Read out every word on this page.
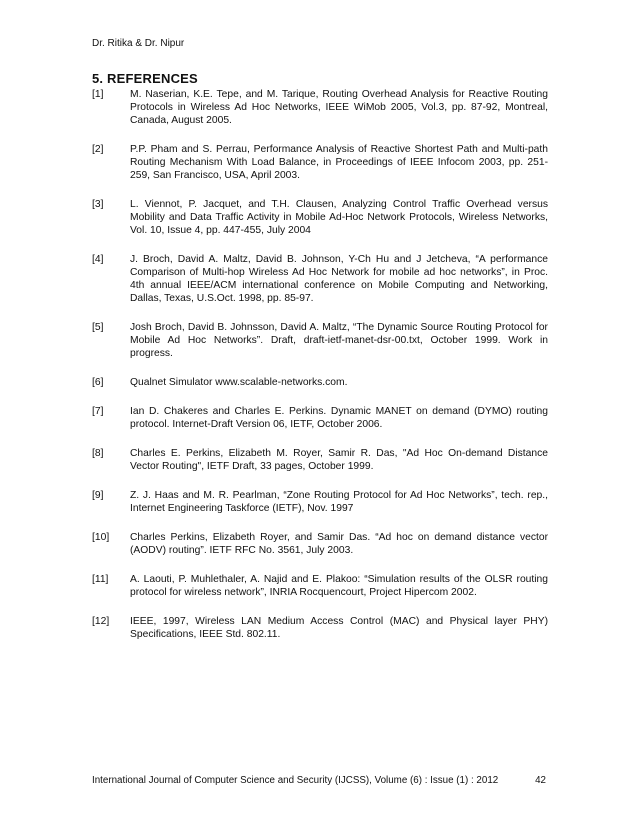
Dr. Ritika & Dr. Nipur
5. REFERENCES
[1]	M. Naserian, K.E. Tepe, and M. Tarique, Routing Overhead Analysis for Reactive Routing Protocols in Wireless Ad Hoc Networks, IEEE WiMob 2005, Vol.3, pp. 87-92, Montreal, Canada, August 2005.
[2]	P.P. Pham and S. Perrau, Performance Analysis of Reactive Shortest Path and Multi-path Routing Mechanism With Load Balance, in Proceedings of IEEE Infocom 2003, pp. 251-259, San Francisco, USA, April 2003.
[3]	L. Viennot, P. Jacquet, and T.H. Clausen, Analyzing Control Traffic Overhead versus Mobility and Data Traffic Activity in Mobile Ad-Hoc Network Protocols, Wireless Networks, Vol. 10, Issue 4, pp. 447-455, July 2004
[4]	J. Broch, David A. Maltz, David B. Johnson, Y-Ch Hu and J Jetcheva, “A performance Comparison of Multi-hop Wireless Ad Hoc Network for mobile ad hoc networks”, in Proc. 4th annual IEEE/ACM international conference on Mobile Computing and Networking, Dallas, Texas, U.S.Oct. 1998, pp. 85-97.
[5]	Josh Broch, David B. Johnsson, David A. Maltz, “The Dynamic Source Routing Protocol for Mobile Ad Hoc Networks”. Draft, draft-ietf-manet-dsr-00.txt, October 1999. Work in progress.
[6]	Qualnet Simulator www.scalable-networks.com.
[7]	Ian D. Chakeres and Charles E. Perkins. Dynamic MANET on demand (DYMO) routing protocol. Internet-Draft Version 06, IETF, October 2006.
[8]	Charles E. Perkins, Elizabeth M. Royer, Samir R. Das, "Ad Hoc On-demand Distance Vector Routing", IETF Draft, 33 pages, October 1999.
[9]	Z. J. Haas and M. R. Pearlman, “Zone Routing Protocol for Ad Hoc Networks”, tech. rep., Internet Engineering Taskforce (IETF), Nov. 1997
[10]	Charles Perkins, Elizabeth Royer, and Samir Das. “Ad hoc on demand distance vector (AODV) routing”. IETF RFC No. 3561, July 2003.
[11]	A. Laouti, P. Muhlethaler, A. Najid and E. Plakoo: “Simulation results of the OLSR routing protocol for wireless network”, INRIA Rocquencourt, Project Hipercom 2002.
[12]	IEEE, 1997, Wireless LAN Medium Access Control (MAC) and Physical layer PHY) Specifications, IEEE Std. 802.11.
International Journal of Computer Science and Security (IJCSS), Volume (6) : Issue (1) : 2012	42
